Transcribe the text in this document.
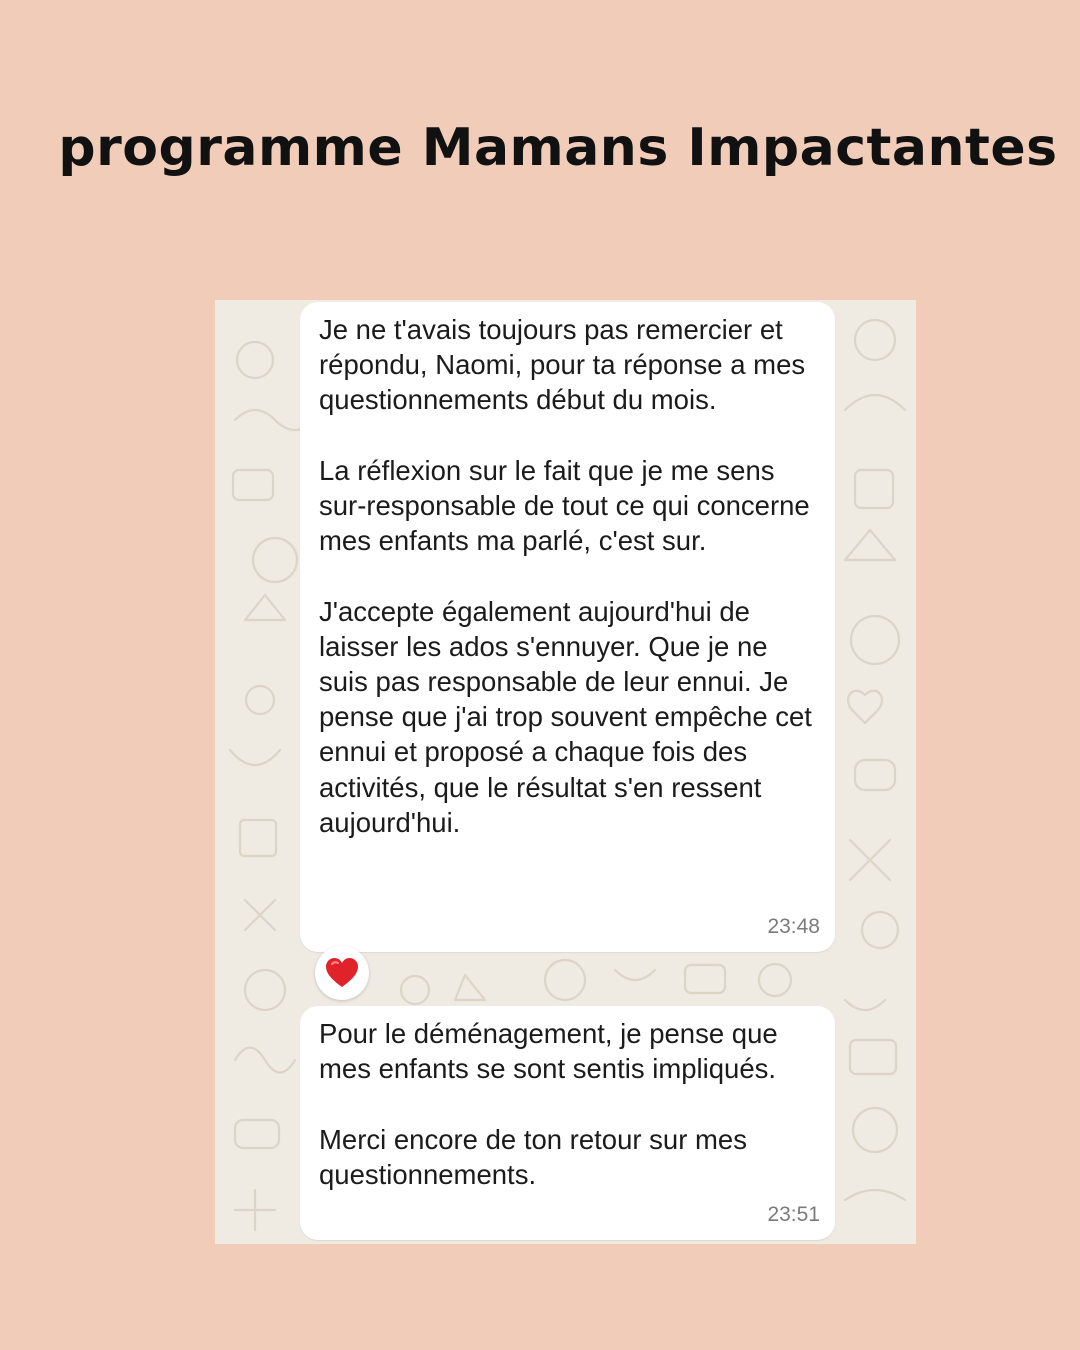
programme Mamans Impactantes

Je ne t'avais toujours pas remercier et répondu, Naomi, pour ta réponse a mes questionnements début du mois.

La réflexion sur le fait que je me sens sur-responsable de tout ce qui concerne mes enfants ma parlé, c'est sur.

J'accepte également aujourd'hui de laisser les ados s'ennuyer. Que je ne suis pas responsable de leur ennui. Je pense que j'ai trop souvent empêche cet ennui et proposé a chaque fois des activités, que le résultat s'en ressent aujourd'hui.

23:48

Pour le déménagement, je pense que mes enfants se sont sentis impliqués.

Merci encore de ton retour sur mes questionnements.

23:51
